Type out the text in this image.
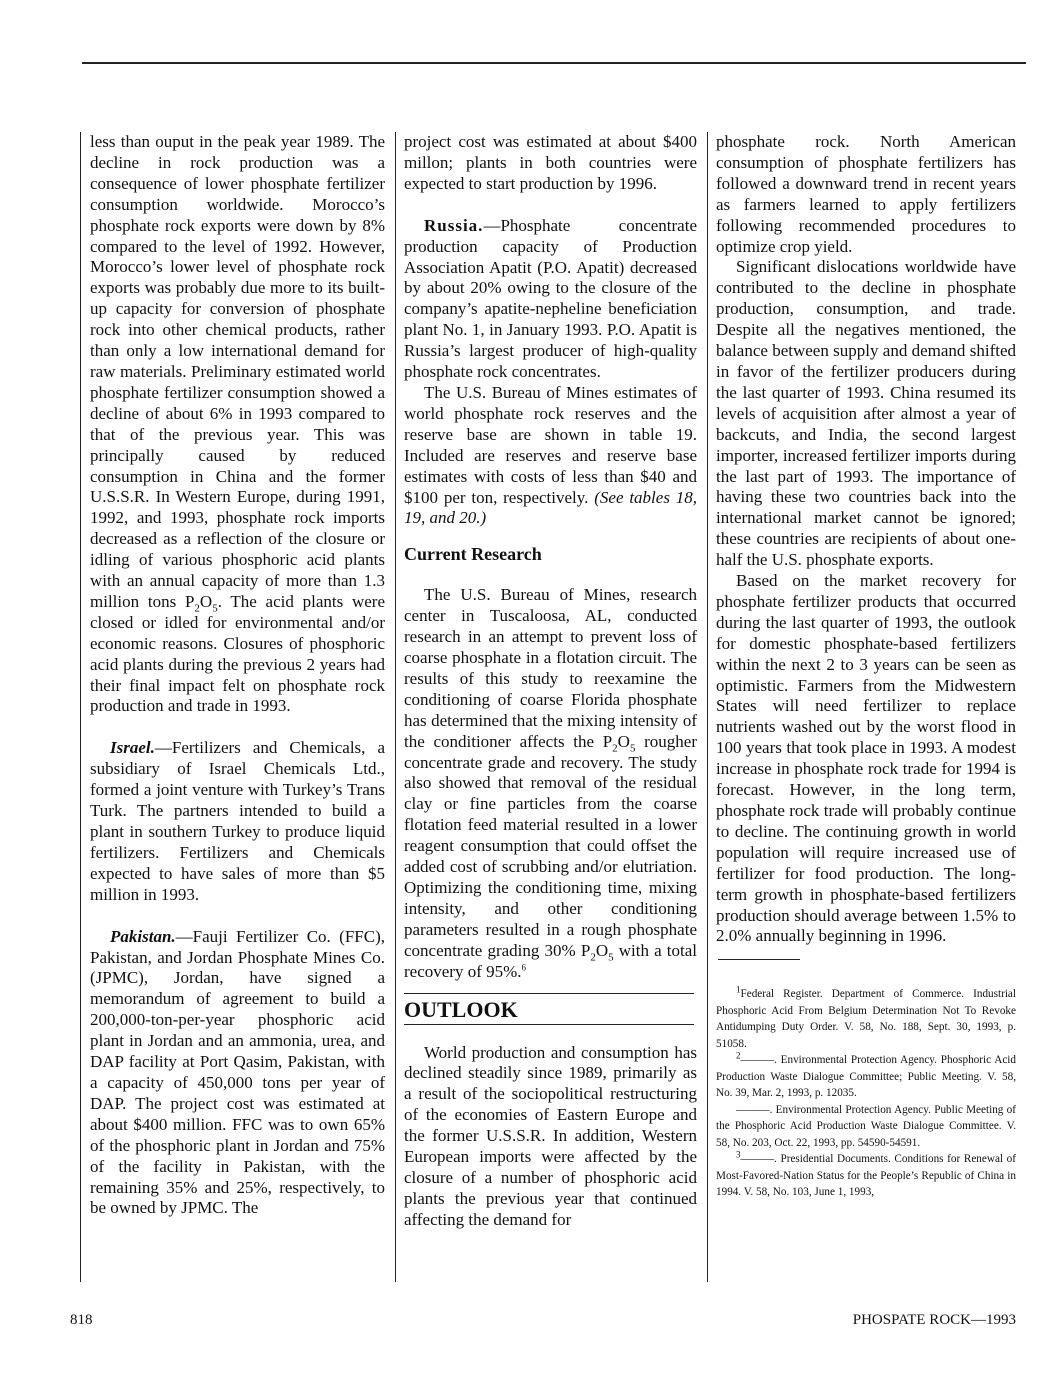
less than ouput in the peak year 1989. The decline in rock production was a consequence of lower phosphate fertilizer consumption worldwide. Morocco’s phosphate rock exports were down by 8% compared to the level of 1992. However, Morocco’s lower level of phosphate rock exports was probably due more to its built-up capacity for conversion of phosphate rock into other chemical products, rather than only a low international demand for raw materials. Preliminary estimated world phosphate fertilizer consumption showed a decline of about 6% in 1993 compared to that of the previous year. This was principally caused by reduced consumption in China and the former U.S.S.R. In Western Europe, during 1991, 1992, and 1993, phosphate rock imports decreased as a reflection of the closure or idling of various phosphoric acid plants with an annual capacity of more than 1.3 million tons $P_2O_5$. The acid plants were closed or idled for environmental and/or economic reasons. Closures of phosphoric acid plants during the previous 2 years had their final impact felt on phosphate rock production and trade in 1993.

Israel.—Fertilizers and Chemicals, a subsidiary of Israel Chemicals Ltd., formed a joint venture with Turkey’s Trans Turk. The partners intended to build a plant in southern Turkey to produce liquid fertilizers. Fertilizers and Chemicals expected to have sales of more than $5 million in 1993.

Pakistan.—Fauji Fertilizer Co. (FFC), Pakistan, and Jordan Phosphate Mines Co. (JPMC), Jordan, have signed a memorandum of agreement to build a 200,000-ton-per-year phosphoric acid plant in Jordan and an ammonia, urea, and DAP facility at Port Qasim, Pakistan, with a capacity of 450,000 tons per year of DAP. The project cost was estimated at about $400 million. FFC was to own 65% of the phosphoric plant in Jordan and 75% of the facility in Pakistan, with the remaining 35% and 25%, respectively, to be owned by JPMC. The

project cost was estimated at about $400 millon; plants in both countries were expected to start production by 1996.

Russia.—Phosphate concentrate production capacity of Production Association Apatit (P.O. Apatit) decreased by about 20% owing to the closure of the company’s apatite-nepheline beneficiation plant No. 1, in January 1993. P.O. Apatit is Russia’s largest producer of high-quality phosphate rock concentrates.

The U.S. Bureau of Mines estimates of world phosphate rock reserves and the reserve base are shown in table 19. Included are reserves and reserve base estimates with costs of less than $40 and $100 per ton, respectively. (See tables 18, 19, and 20.)

Current Research

The U.S. Bureau of Mines, research center in Tuscaloosa, AL, conducted research in an attempt to prevent loss of coarse phosphate in a flotation circuit. The results of this study to reexamine the conditioning of coarse Florida phosphate has determined that the mixing intensity of the conditioner affects the $P_2O_5$ rougher concentrate grade and recovery. The study also showed that removal of the residual clay or fine particles from the coarse flotation feed material resulted in a lower reagent consumption that could offset the added cost of scrubbing and/or elutriation. Optimizing the conditioning time, mixing intensity, and other conditioning parameters resulted in a rough phosphate concentrate grading 30% $P_2O_5$ with a total recovery of 95%.$^6$

OUTLOOK

World production and consumption has declined steadily since 1989, primarily as a result of the sociopolitical restructuring of the economies of Eastern Europe and the former U.S.S.R. In addition, Western European imports were affected by the closure of a number of phosphoric acid plants the previous year that continued affecting the demand for

phosphate rock. North American consumption of phosphate fertilizers has followed a downward trend in recent years as farmers learned to apply fertilizers following recommended procedures to optimize crop yield.

Significant dislocations worldwide have contributed to the decline in phosphate production, consumption, and trade. Despite all the negatives mentioned, the balance between supply and demand shifted in favor of the fertilizer producers during the last quarter of 1993. China resumed its levels of acquisition after almost a year of backcuts, and India, the second largest importer, increased fertilizer imports during the last part of 1993. The importance of having these two countries back into the international market cannot be ignored; these countries are recipients of about one-half the U.S. phosphate exports.

Based on the market recovery for phosphate fertilizer products that occurred during the last quarter of 1993, the outlook for domestic phosphate-based fertilizers within the next 2 to 3 years can be seen as optimistic. Farmers from the Midwestern States will need fertilizer to replace nutrients washed out by the worst flood in 100 years that took place in 1993. A modest increase in phosphate rock trade for 1994 is forecast. However, in the long term, phosphate rock trade will probably continue to decline. The continuing growth in world population will require increased use of fertilizer for food production. The long-term growth in phosphate-based fertilizers production should average between 1.5% to 2.0% annually beginning in 1996.

$^1$Federal Register. Department of Commerce. Industrial Phosphoric Acid From Belgium Determination Not To Revoke Antidumping Duty Order. V. 58, No. 188, Sept. 30, 1993, p. 51058.

$^2$———. Environmental Protection Agency. Phosphoric Acid Production Waste Dialogue Committee; Public Meeting. V. 58, No. 39, Mar. 2, 1993, p. 12035.

———. Environmental Protection Agency. Public Meeting of the Phosphoric Acid Production Waste Dialogue Committee. V. 58, No. 203, Oct. 22, 1993, pp. 54590-54591.

$^3$———. Presidential Documents. Conditions for Renewal of Most-Favored-Nation Status for the People’s Republic of China in 1994. V. 58, No. 103, June 1, 1993,

818	PHOSPATE ROCK—1993
